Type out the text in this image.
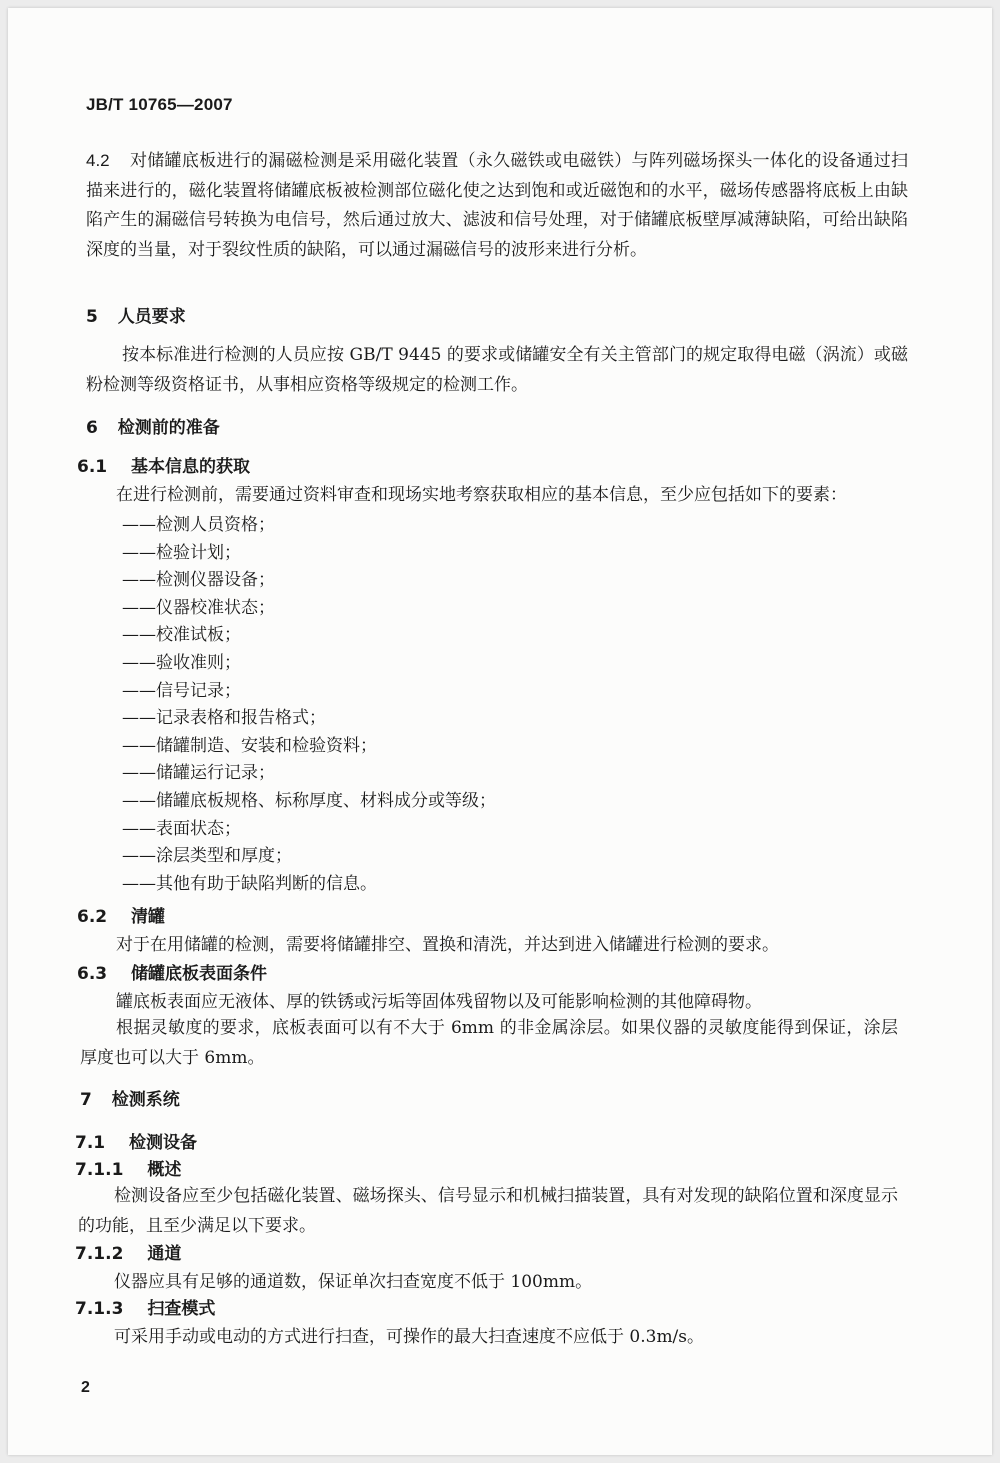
JB/T 10765—2007
4.2 对储罐底板进行的漏磁检测是采用磁化装置（永久磁铁或电磁铁）与阵列磁场探头一体化的设备通过扫描来进行的，磁化装置将储罐底板被检测部位磁化使之达到饱和或近磁饱和的水平，磁场传感器将底板上由缺陷产生的漏磁信号转换为电信号，然后通过放大、滤波和信号处理，对于储罐底板壁厚减薄缺陷，可给出缺陷深度的当量，对于裂纹性质的缺陷，可以通过漏磁信号的波形来进行分析。
5 人员要求
按本标准进行检测的人员应按 GB/T 9445 的要求或储罐安全有关主管部门的规定取得电磁（涡流）或磁粉检测等级资格证书，从事相应资格等级规定的检测工作。
6 检测前的准备
6.1 基本信息的获取
在进行检测前，需要通过资料审查和现场实地考察获取相应的基本信息，至少应包括如下的要素：
——检测人员资格；
——检验计划；
——检测仪器设备；
——仪器校准状态；
——校准试板；
——验收准则；
——信号记录；
——记录表格和报告格式；
——储罐制造、安装和检验资料；
——储罐运行记录；
——储罐底板规格、标称厚度、材料成分或等级；
——表面状态；
——涂层类型和厚度；
——其他有助于缺陷判断的信息。
6.2 清罐
对于在用储罐的检测，需要将储罐排空、置换和清洗，并达到进入储罐进行检测的要求。
6.3 储罐底板表面条件
罐底板表面应无液体、厚的铁锈或污垢等固体残留物以及可能影响检测的其他障碍物。
根据灵敏度的要求，底板表面可以有不大于 6mm 的非金属涂层。如果仪器的灵敏度能得到保证，涂层厚度也可以大于 6mm。
7 检测系统
7.1 检测设备
7.1.1 概述
检测设备应至少包括磁化装置、磁场探头、信号显示和机械扫描装置，具有对发现的缺陷位置和深度显示的功能，且至少满足以下要求。
7.1.2 通道
仪器应具有足够的通道数，保证单次扫查宽度不低于 100mm。
7.1.3 扫查模式
可采用手动或电动的方式进行扫查，可操作的最大扫查速度不应低于 0.3m/s。
2
